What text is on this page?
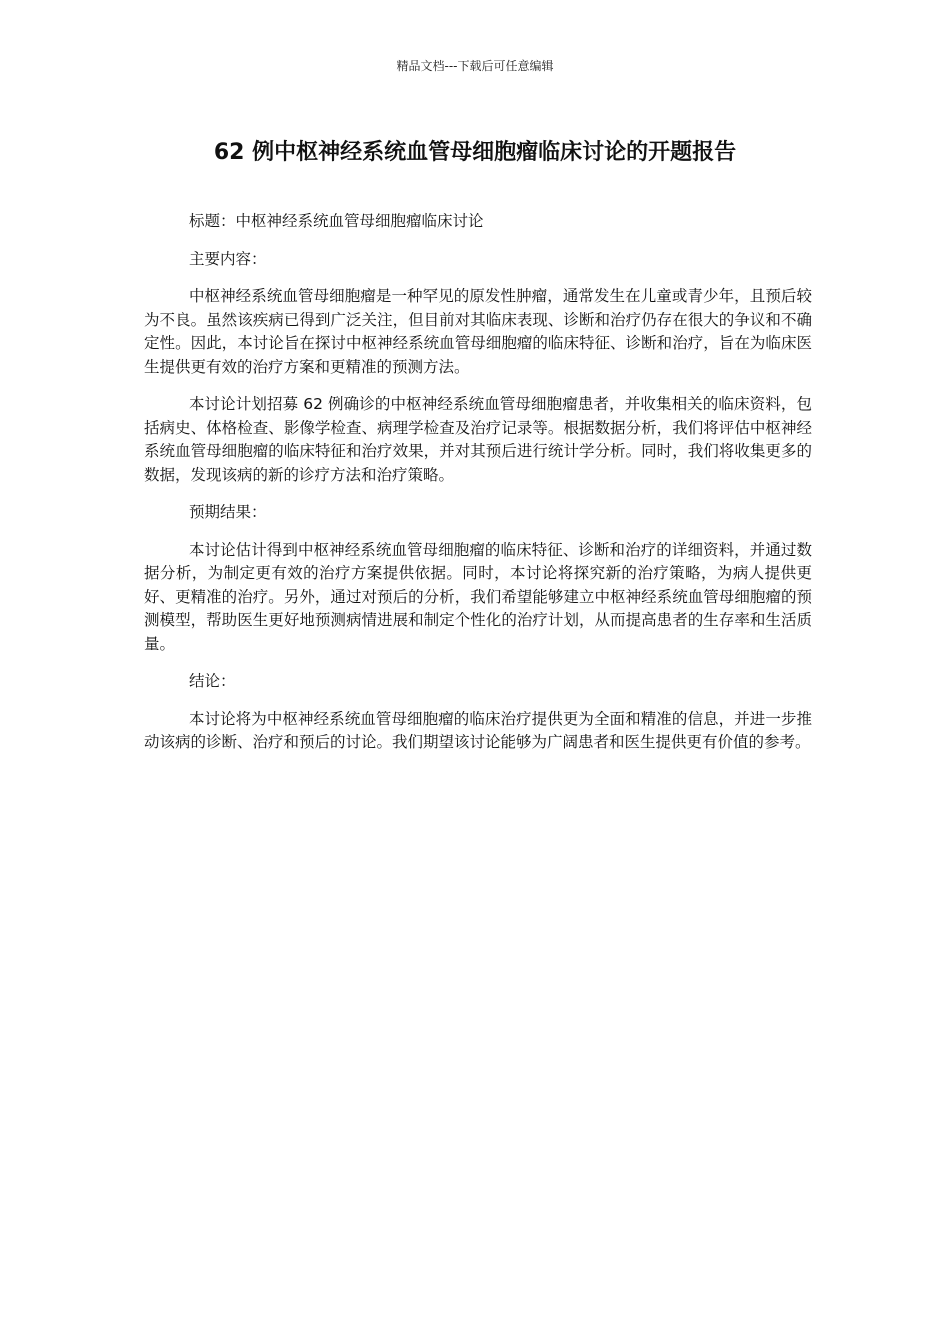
精品文档---下载后可任意编辑
62 例中枢神经系统血管母细胞瘤临床讨论的开题报告

标题：中枢神经系统血管母细胞瘤临床讨论

主要内容：

中枢神经系统血管母细胞瘤是一种罕见的原发性肿瘤，通常发生在儿童或青少年，且预后较为不良。虽然该疾病已得到广泛关注，但目前对其临床表现、诊断和治疗仍存在很大的争议和不确定性。因此，本讨论旨在探讨中枢神经系统血管母细胞瘤的临床特征、诊断和治疗，旨在为临床医生提供更有效的治疗方案和更精准的预测方法。

本讨论计划招募 62 例确诊的中枢神经系统血管母细胞瘤患者，并收集相关的临床资料，包括病史、体格检查、影像学检查、病理学检查及治疗记录等。根据数据分析，我们将评估中枢神经系统血管母细胞瘤的临床特征和治疗效果，并对其预后进行统计学分析。同时，我们将收集更多的数据，发现该病的新的诊疗方法和治疗策略。

预期结果：

本讨论估计得到中枢神经系统血管母细胞瘤的临床特征、诊断和治疗的详细资料，并通过数据分析，为制定更有效的治疗方案提供依据。同时，本讨论将探究新的治疗策略，为病人提供更好、更精准的治疗。另外，通过对预后的分析，我们希望能够建立中枢神经系统血管母细胞瘤的预测模型，帮助医生更好地预测病情进展和制定个性化的治疗计划，从而提高患者的生存率和生活质量。

结论：

本讨论将为中枢神经系统血管母细胞瘤的临床治疗提供更为全面和精准的信息，并进一步推动该病的诊断、治疗和预后的讨论。我们期望该讨论能够为广阔患者和医生提供更有价值的参考。
